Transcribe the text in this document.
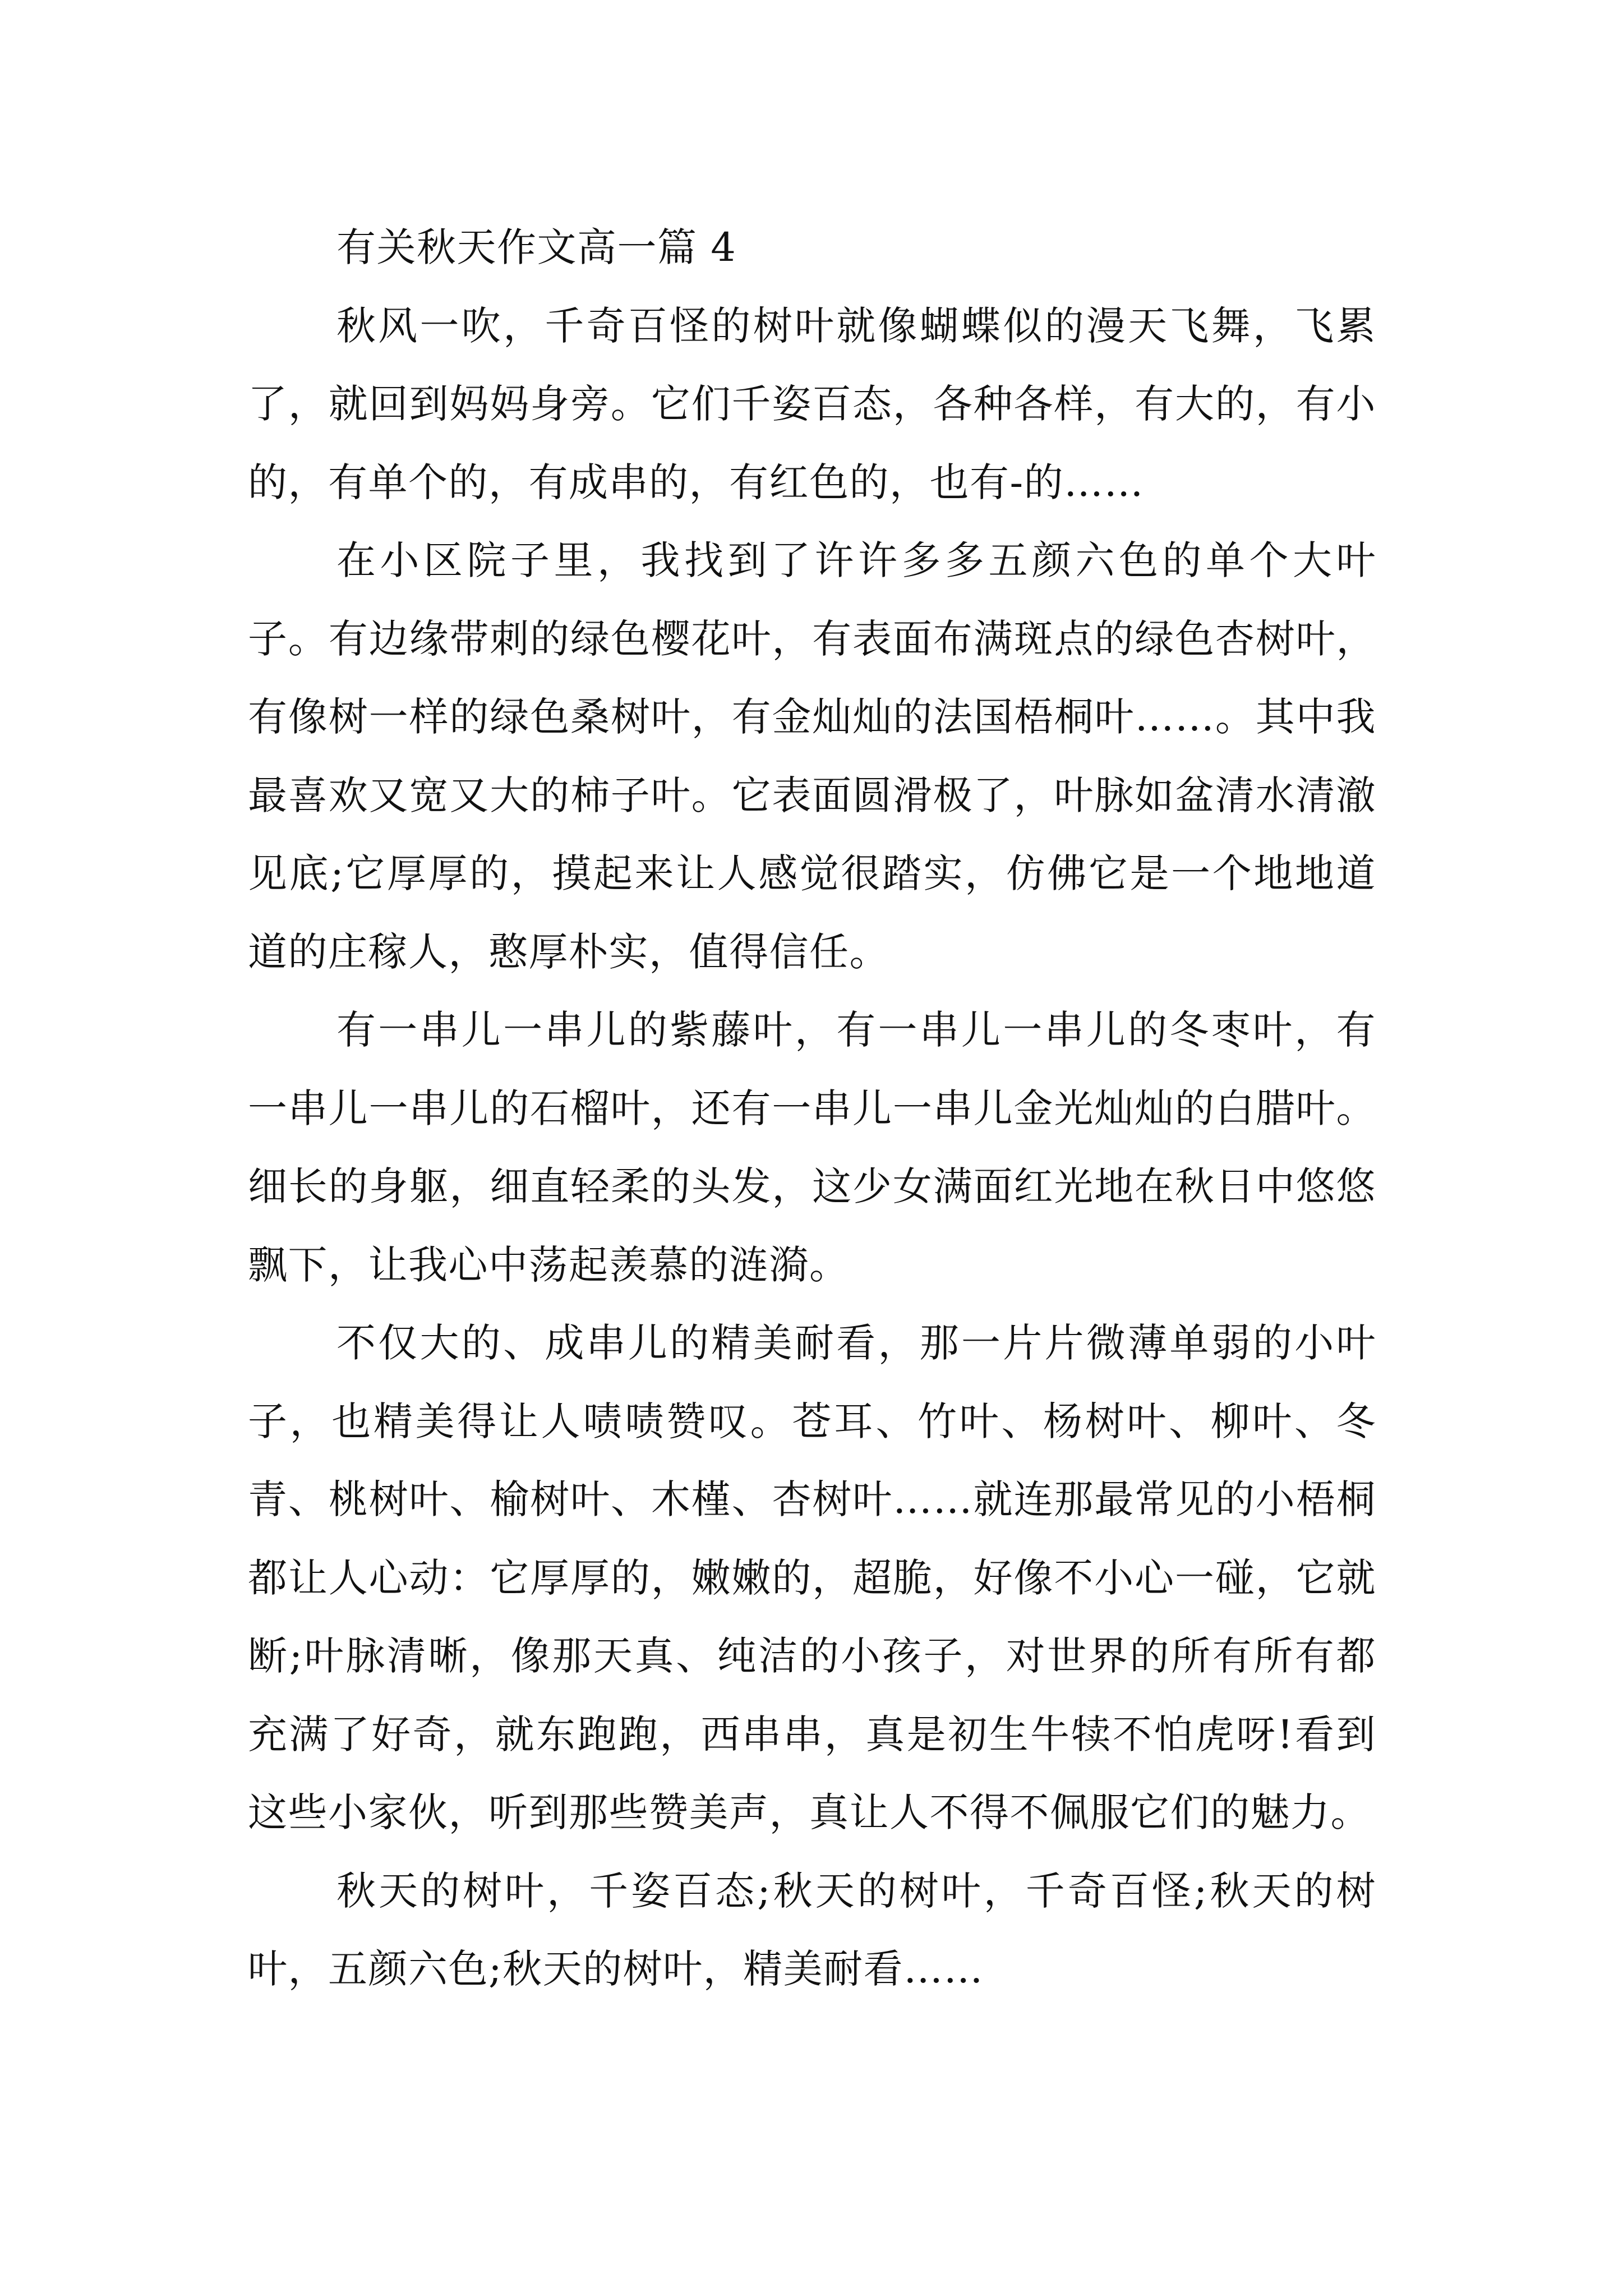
有关秋天作文高一篇 4

秋风一吹，千奇百怪的树叶就像蝴蝶似的漫天飞舞，飞累了，就回到妈妈身旁。它们千姿百态，各种各样，有大的，有小的，有单个的，有成串的，有红色的，也有-的……

在小区院子里，我找到了许许多多五颜六色的单个大叶子。有边缘带刺的绿色樱花叶，有表面布满斑点的绿色杏树叶，有像树一样的绿色桑树叶，有金灿灿的法国梧桐叶……。其中我最喜欢又宽又大的柿子叶。它表面圆滑极了，叶脉如盆清水清澈见底;它厚厚的，摸起来让人感觉很踏实，仿佛它是一个地地道道的庄稼人，憨厚朴实，值得信任。

有一串儿一串儿的紫藤叶，有一串儿一串儿的冬枣叶，有一串儿一串儿的石榴叶，还有一串儿一串儿金光灿灿的白腊叶。细长的身躯，细直轻柔的头发，这少女满面红光地在秋日中悠悠飘下，让我心中荡起羡慕的涟漪。

不仅大的、成串儿的精美耐看，那一片片微薄单弱的小叶子，也精美得让人啧啧赞叹。苍耳、竹叶、杨树叶、柳叶、冬青、桃树叶、榆树叶、木槿、杏树叶……就连那最常见的小梧桐都让人心动：它厚厚的，嫩嫩的，超脆，好像不小心一碰，它就断;叶脉清晰，像那天真、纯洁的小孩子，对世界的所有所有都充满了好奇，就东跑跑，西串串，真是初生牛犊不怕虎呀!看到这些小家伙，听到那些赞美声，真让人不得不佩服它们的魅力。

秋天的树叶，千姿百态;秋天的树叶，千奇百怪;秋天的树叶，五颜六色;秋天的树叶，精美耐看……
